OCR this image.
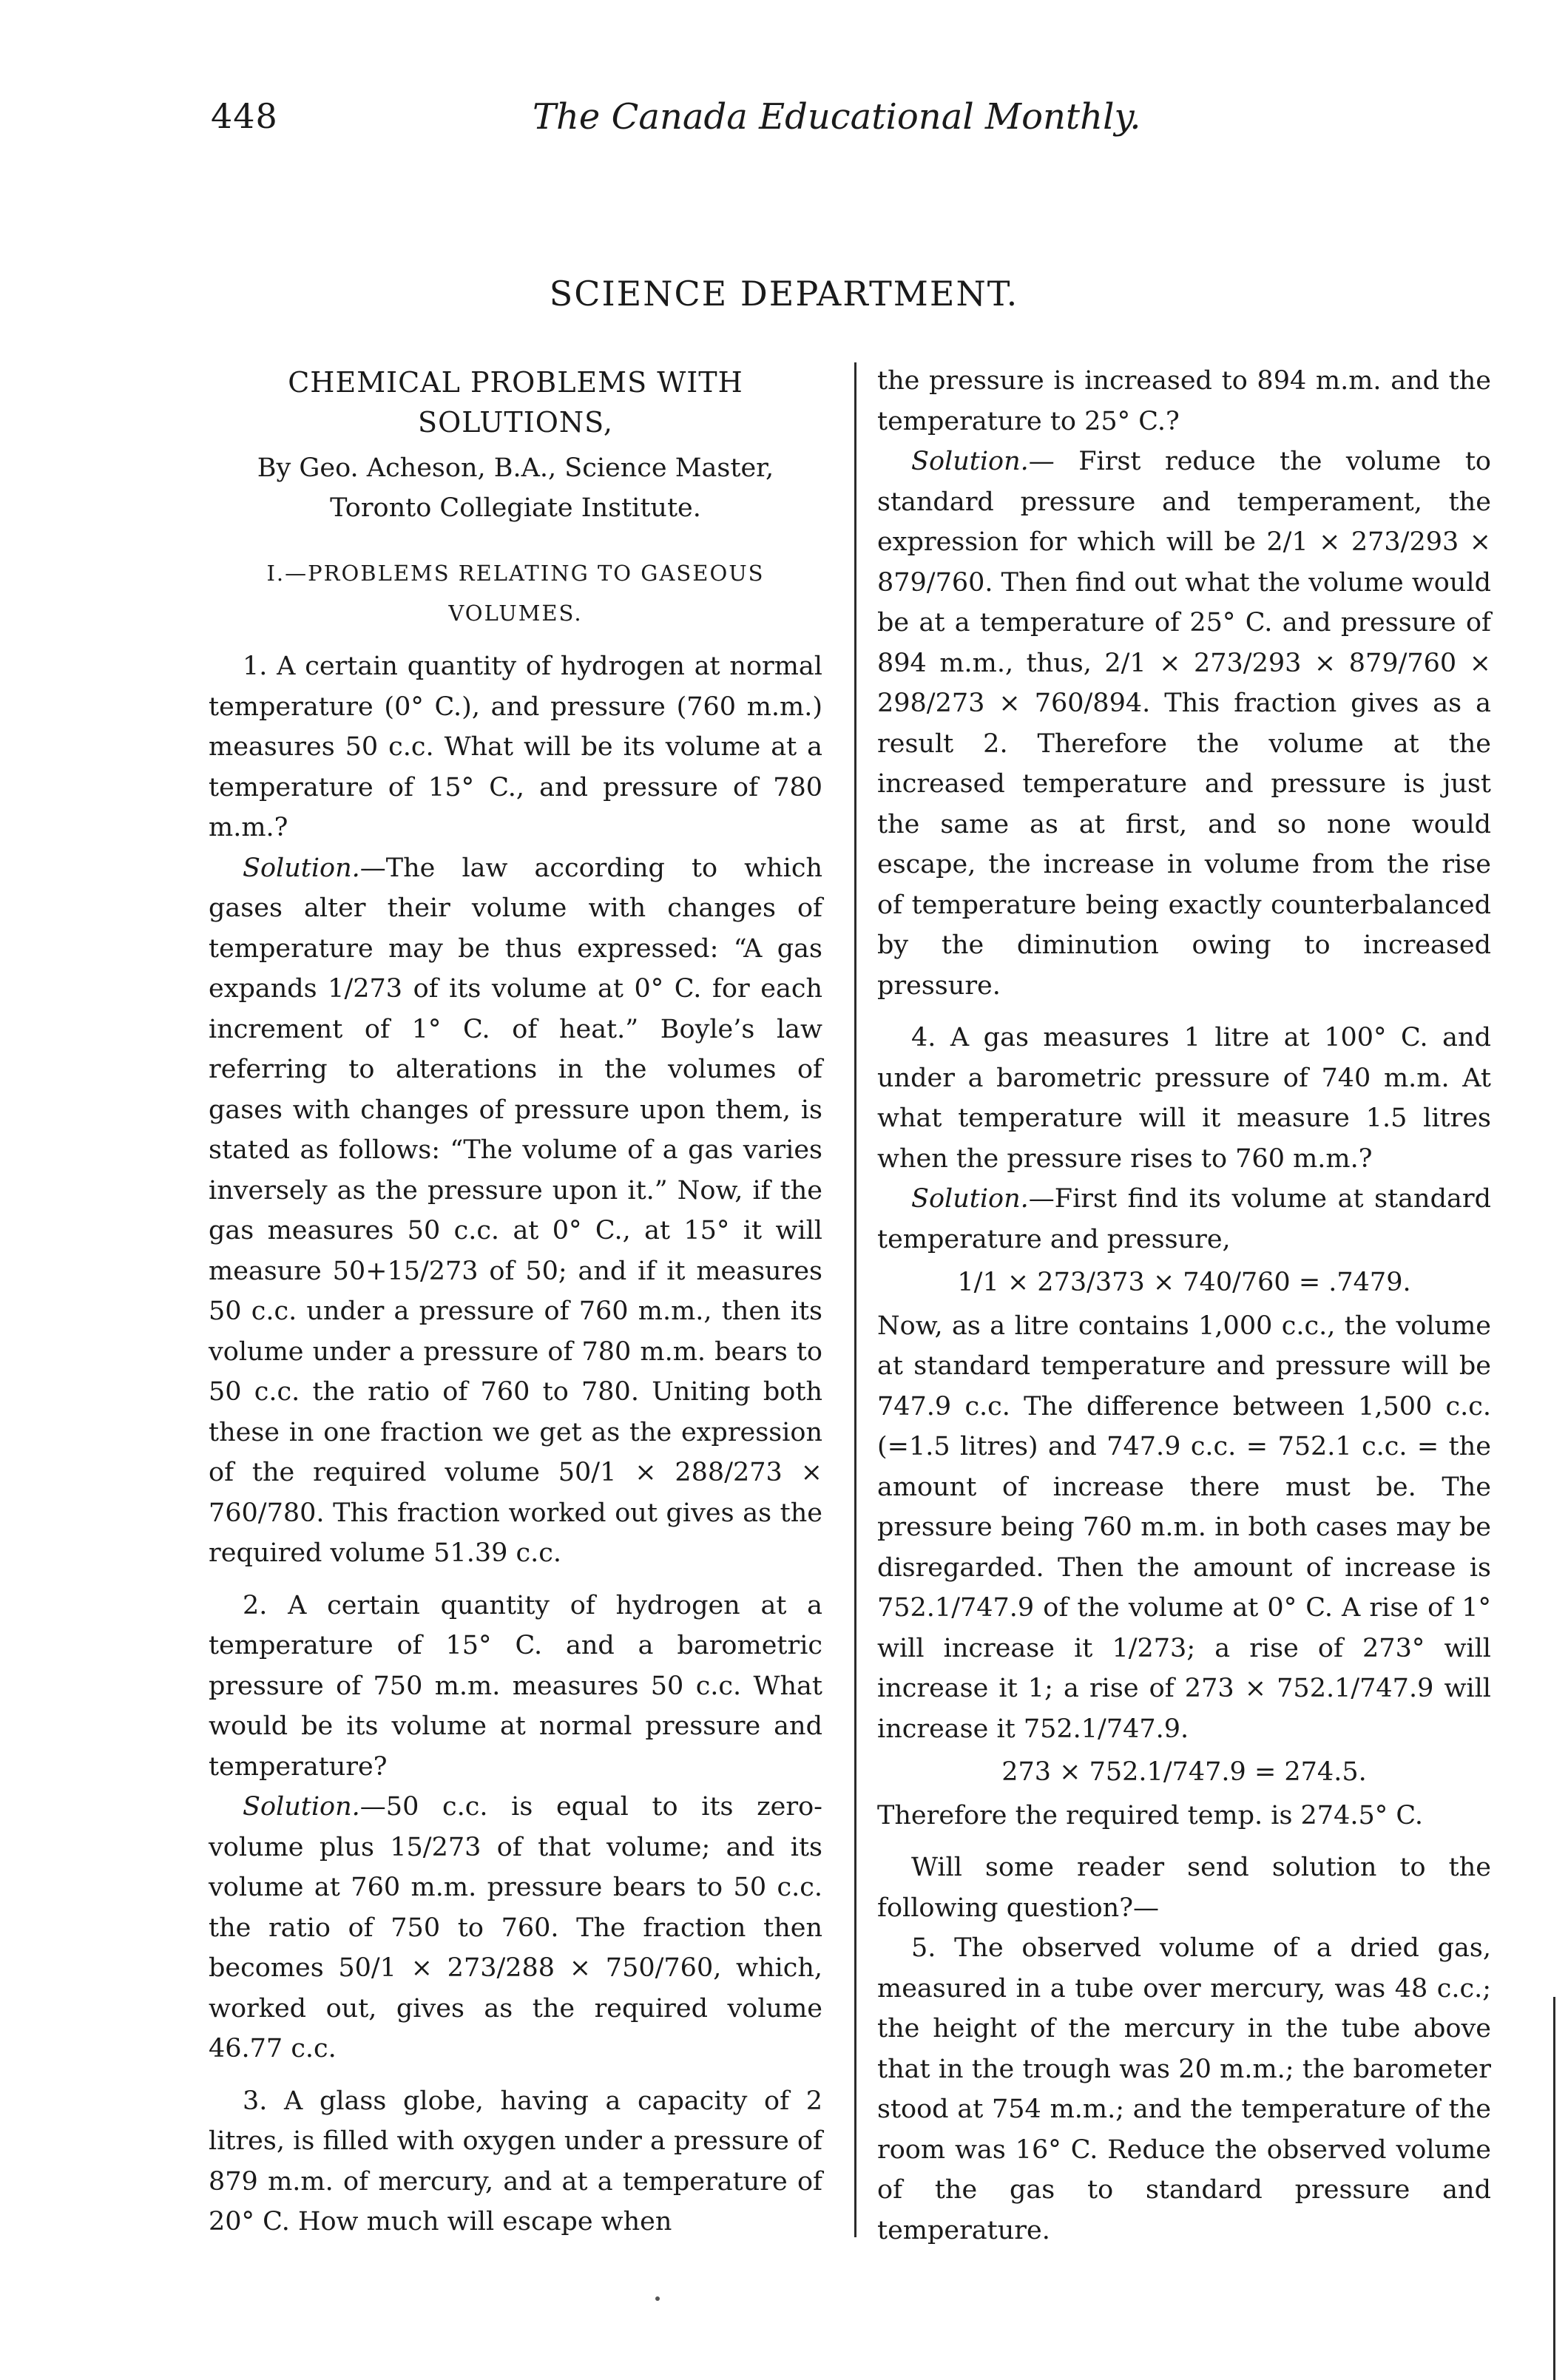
448	The Canada Educational Monthly.
SCIENCE DEPARTMENT.

CHEMICAL PROBLEMS WITH SOLUTIONS,

By Geo. Acheson, B.A., Science Master,
Toronto Collegiate Institute.

I.—PROBLEMS RELATING TO GASEOUS VOLUMES.

1. A certain quantity of hydrogen at normal temperature (0° C.), and pressure (760 m.m.) measures 50 c.c. What will be its volume at a temperature of 15° C., and pressure of 780 m.m.?

Solution.—The law according to which gases alter their volume with changes of temperature may be thus expressed: “A gas expands 1/273 of its volume at 0° C. for each increment of 1° C. of heat.” Boyle’s law referring to alterations in the volumes of gases with changes of pressure upon them, is stated as follows: “The volume of a gas varies inversely as the pressure upon it.” Now, if the gas measures 50 c.c. at 0° C., at 15° it will measure 50+15/273 of 50; and if it measures 50 c.c. under a pressure of 760 m.m., then its volume under a pressure of 780 m.m. bears to 50 c.c. the ratio of 760 to 780. Uniting both these in one fraction we get as the expression of the required volume 50/1 × 288/273 × 760/780. This fraction worked out gives as the required volume 51.39 c.c.

2. A certain quantity of hydrogen at a temperature of 15° C. and a barometric pressure of 750 m.m. measures 50 c.c. What would be its volume at normal pressure and temperature?

Solution.—50 c.c. is equal to its zero-volume plus 15/273 of that volume; and its volume at 760 m.m. pressure bears to 50 c.c. the ratio of 750 to 760. The fraction then becomes 50/1 × 273/288 × 750/760, which, worked out, gives as the required volume 46.77 c.c.

3. A glass globe, having a capacity of 2 litres, is filled with oxygen under a pressure of 879 m.m. of mercury, and at a temperature of 20° C. How much will escape when

the pressure is increased to 894 m.m. and the temperature to 25° C.?

Solution.— First reduce the volume to standard pressure and temperament, the expression for which will be 2/1 × 273/293 × 879/760. Then find out what the volume would be at a temperature of 25° C. and pressure of 894 m.m., thus, 2/1 × 273/293 × 879/760 × 298/273 × 760/894. This fraction gives as a result 2. Therefore the volume at the increased temperature and pressure is just the same as at first, and so none would escape, the increase in volume from the rise of temperature being exactly counterbalanced by the diminution owing to increased pressure.

4. A gas measures 1 litre at 100° C. and under a barometric pressure of 740 m.m. At what temperature will it measure 1.5 litres when the pressure rises to 760 m.m.?

Solution.—First find its volume at standard temperature and pressure,

1/1 × 273/373 × 740/760 = .7479.

Now, as a litre contains 1,000 c.c., the volume at standard temperature and pressure will be 747.9 c.c. The difference between 1,500 c.c. (=1.5 litres) and 747.9 c.c. = 752.1 c.c. = the amount of increase there must be. The pressure being 760 m.m. in both cases may be disregarded. Then the amount of increase is 752.1/747.9 of the volume at 0° C. A rise of 1° will increase it 1/273; a rise of 273° will increase it 1; a rise of 273 × 752.1/747.9 will increase it 752.1/747.9.

273 × 752.1/747.9 = 274.5.

Therefore the required temp. is 274.5° C.

Will some reader send solution to the following question?—

5. The observed volume of a dried gas, measured in a tube over mercury, was 48 c.c.; the height of the mercury in the tube above that in the trough was 20 m.m.; the barometer stood at 754 m.m.; and the temperature of the room was 16° C. Reduce the observed volume of the gas to standard pressure and temperature.
